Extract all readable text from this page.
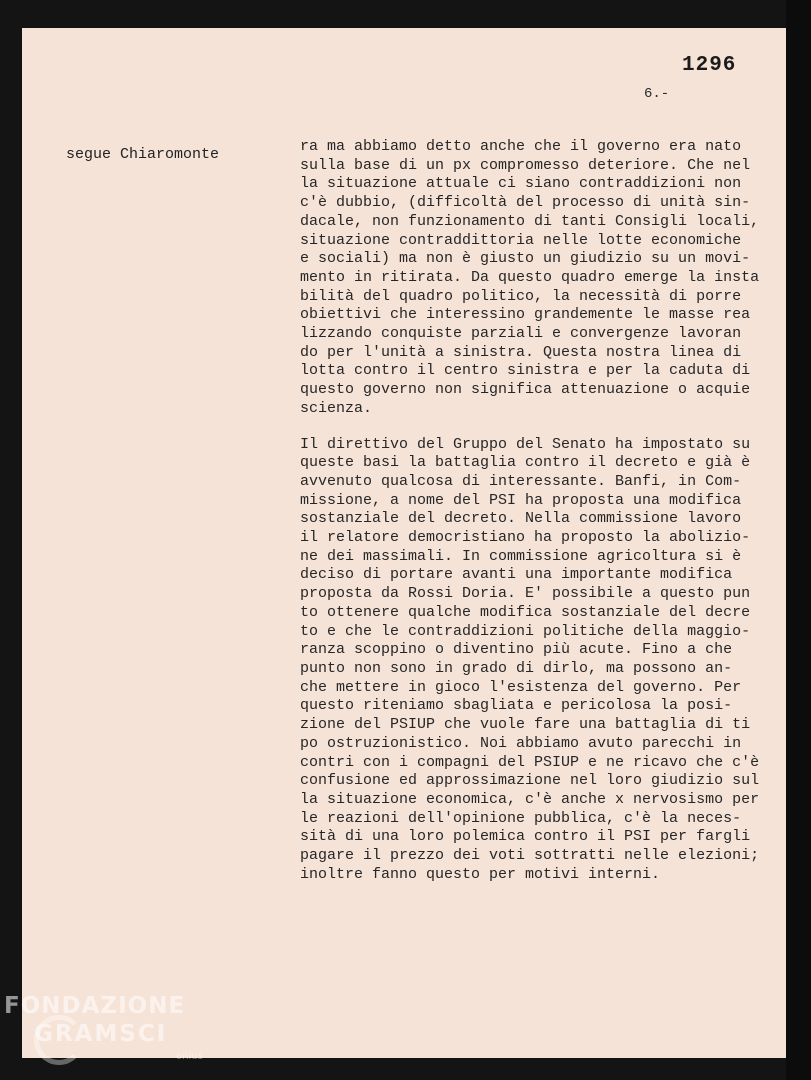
1296
6.-
segue Chiaromonte	ra ma abbiamo detto anche che il governo era nato
sulla base di un px compromesso deteriore. Che nel
la situazione attuale ci siano contraddizioni non
c'è dubbio, (difficoltà del processo di unità sin-
dacale, non funzionamento di tanti Consigli locali,
situazione contraddittoria nelle lotte economiche
e sociali) ma non è giusto un giudizio su un movi-
mento in ritirata. Da questo quadro emerge la insta
bilità del quadro politico, la necessità di porre
obiettivi che interessino grandemente le masse rea
lizzando conquiste parziali e convergenze lavoran
do per l'unità a sinistra. Questa nostra linea di
lotta contro il centro sinistra e per la caduta di
questo governo non significa attenuazione o acquie
scienza.
Il direttivo del Gruppo del Senato ha impostato su
queste basi la battaglia contro il decreto e già è
avvenuto qualcosa di interessante. Banfi, in Com-
missione, a nome del PSI ha proposta una modifica
sostanziale del decreto. Nella commissione lavoro
il relatore democristiano ha proposto la abolizio-
ne dei massimali. In commissione agricoltura si è
deciso di portare avanti una importante modifica
proposta da Rossi Doria. E' possibile a questo pun
to ottenere qualche modifica sostanziale del decre
to e che le contraddizioni politiche della maggio-
ranza scoppino o diventino più acute. Fino a che
punto non sono in grado di dirlo, ma possono an-
che mettere in gioco l'esistenza del governo. Per
questo riteniamo sbagliata e pericolosa la posi-
zione del PSIUP che vuole fare una battaglia di ti
po ostruzionistico. Noi abbiamo avuto parecchi in
contri con i compagni del PSIUP e ne ricavo che c'è
confusione ed approssimazione nel loro giudizio sul
la situazione economica, c'è anche x nervosismo per
le reazioni dell'opinione pubblica, c'è la neces-
sità di una loro polemica contro il PSI per fargli
pagare il prezzo dei voti sottratti nelle elezioni;
inoltre fanno questo per motivi interni.
FONDAZIONE
GRAMSCI
onlus
